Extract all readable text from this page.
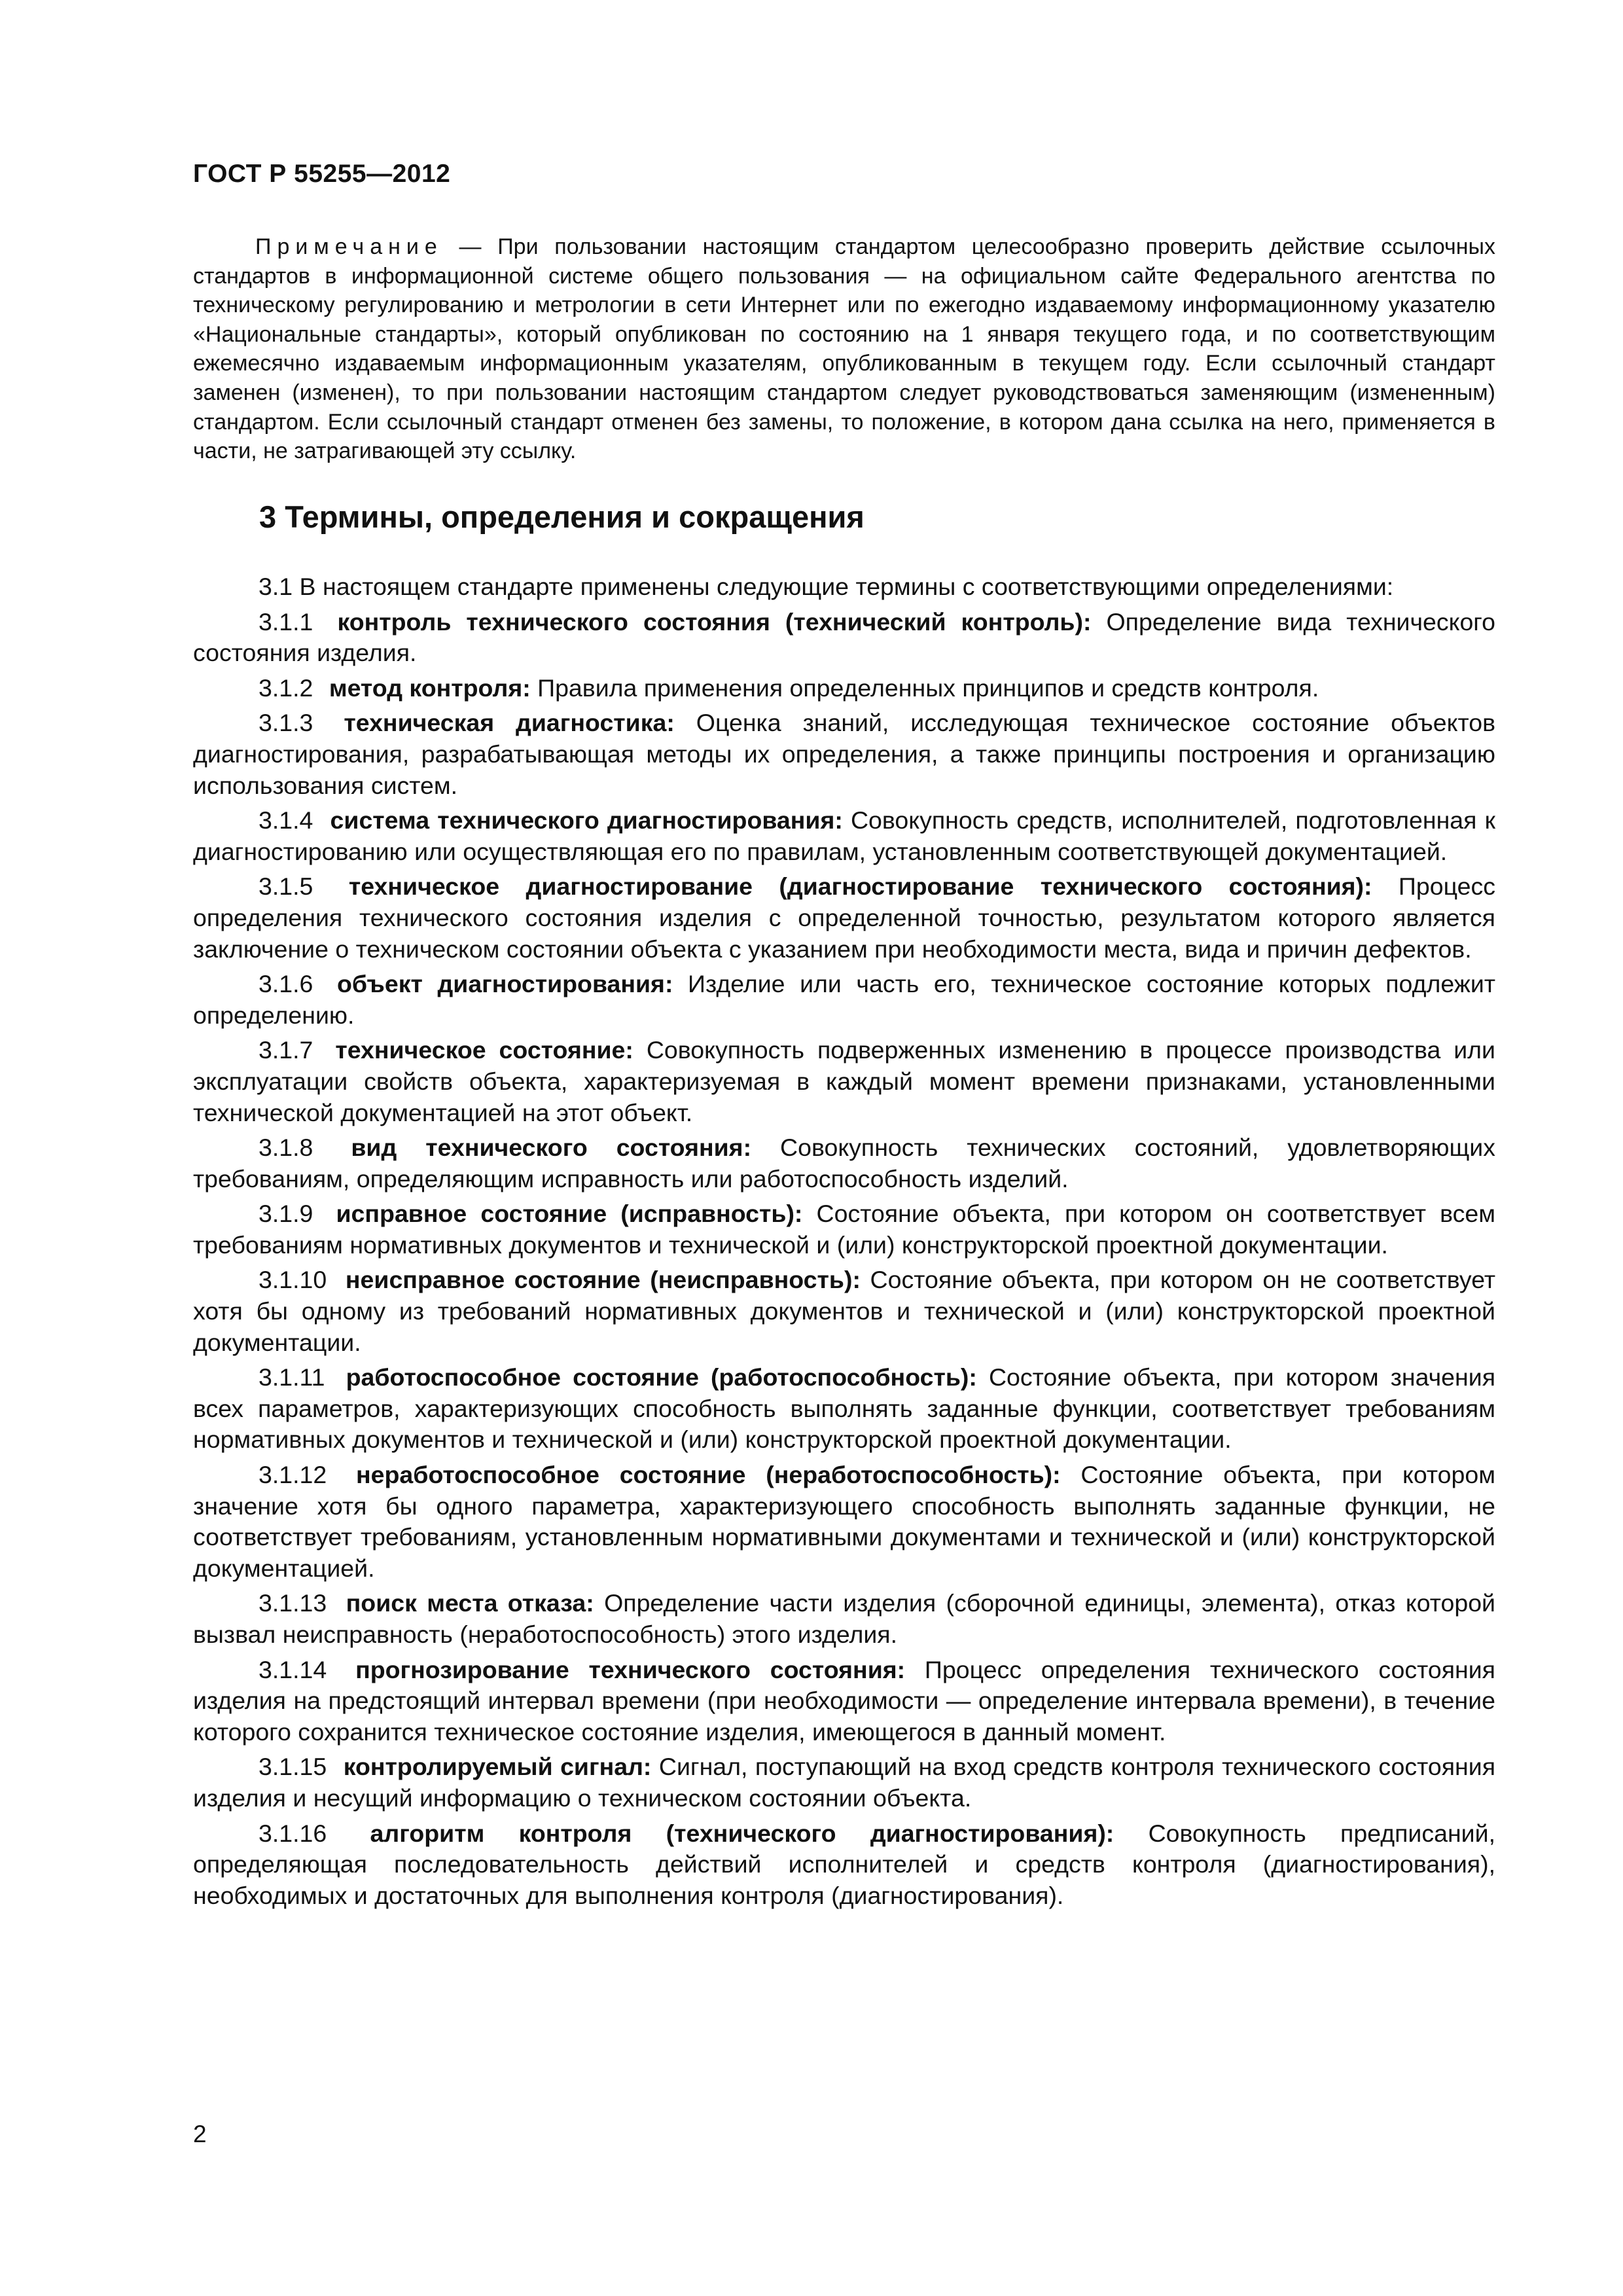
ГОСТ Р 55255—2012
Примечание — При пользовании настоящим стандартом целесообразно проверить действие ссылочных стандартов в информационной системе общего пользования — на официальном сайте Федерального агентства по техническому регулированию и метрологии в сети Интернет или по ежегодно издаваемому информационному указателю «Национальные стандарты», который опубликован по состоянию на 1 января текущего года, и по соответствующим ежемесячно издаваемым информационным указателям, опубликованным в текущем году. Если ссылочный стандарт заменен (изменен), то при пользовании настоящим стандартом следует руководствоваться заменяющим (измененным) стандартом. Если ссылочный стандарт отменен без замены, то положение, в котором дана ссылка на него, применяется в части, не затрагивающей эту ссылку.
3 Термины, определения и сокращения

3.1 В настоящем стандарте применены следующие термины с соответствующими определениями:

3.1.1 контроль технического состояния (технический контроль): Определение вида технического состояния изделия.

3.1.2 метод контроля: Правила применения определенных принципов и средств контроля.

3.1.3 техническая диагностика: Оценка знаний, исследующая техническое состояние объектов диагностирования, разрабатывающая методы их определения, а также принципы построения и организацию использования систем.

3.1.4 система технического диагностирования: Совокупность средств, исполнителей, подготовленная к диагностированию или осуществляющая его по правилам, установленным соответствующей документацией.

3.1.5 техническое диагностирование (диагностирование технического состояния): Процесс определения технического состояния изделия с определенной точностью, результатом которого является заключение о техническом состоянии объекта с указанием при необходимости места, вида и причин дефектов.

3.1.6 объект диагностирования: Изделие или часть его, техническое состояние которых подлежит определению.

3.1.7 техническое состояние: Совокупность подверженных изменению в процессе производства или эксплуатации свойств объекта, характеризуемая в каждый момент времени признаками, установленными технической документацией на этот объект.

3.1.8 вид технического состояния: Совокупность технических состояний, удовлетворяющих требованиям, определяющим исправность или работоспособность изделий.

3.1.9 исправное состояние (исправность): Состояние объекта, при котором он соответствует всем требованиям нормативных документов и технической и (или) конструкторской проектной документации.

3.1.10 неисправное состояние (неисправность): Состояние объекта, при котором он не соответствует хотя бы одному из требований нормативных документов и технической и (или) конструкторской проектной документации.

3.1.11 работоспособное состояние (работоспособность): Состояние объекта, при котором значения всех параметров, характеризующих способность выполнять заданные функции, соответствует требованиям нормативных документов и технической и (или) конструкторской проектной документации.

3.1.12 неработоспособное состояние (неработоспособность): Состояние объекта, при котором значение хотя бы одного параметра, характеризующего способность выполнять заданные функции, не соответствует требованиям, установленным нормативными документами и технической и (или) конструкторской документацией.

3.1.13 поиск места отказа: Определение части изделия (сборочной единицы, элемента), отказ которой вызвал неисправность (неработоспособность) этого изделия.

3.1.14 прогнозирование технического состояния: Процесс определения технического состояния изделия на предстоящий интервал времени (при необходимости — определение интервала времени), в течение которого сохранится техническое состояние изделия, имеющегося в данный момент.

3.1.15 контролируемый сигнал: Сигнал, поступающий на вход средств контроля технического состояния изделия и несущий информацию о техническом состоянии объекта.

3.1.16 алгоритм контроля (технического диагностирования): Совокупность предписаний, определяющая последовательность действий исполнителей и средств контроля (диагностирования), необходимых и достаточных для выполнения контроля (диагностирования).

2
